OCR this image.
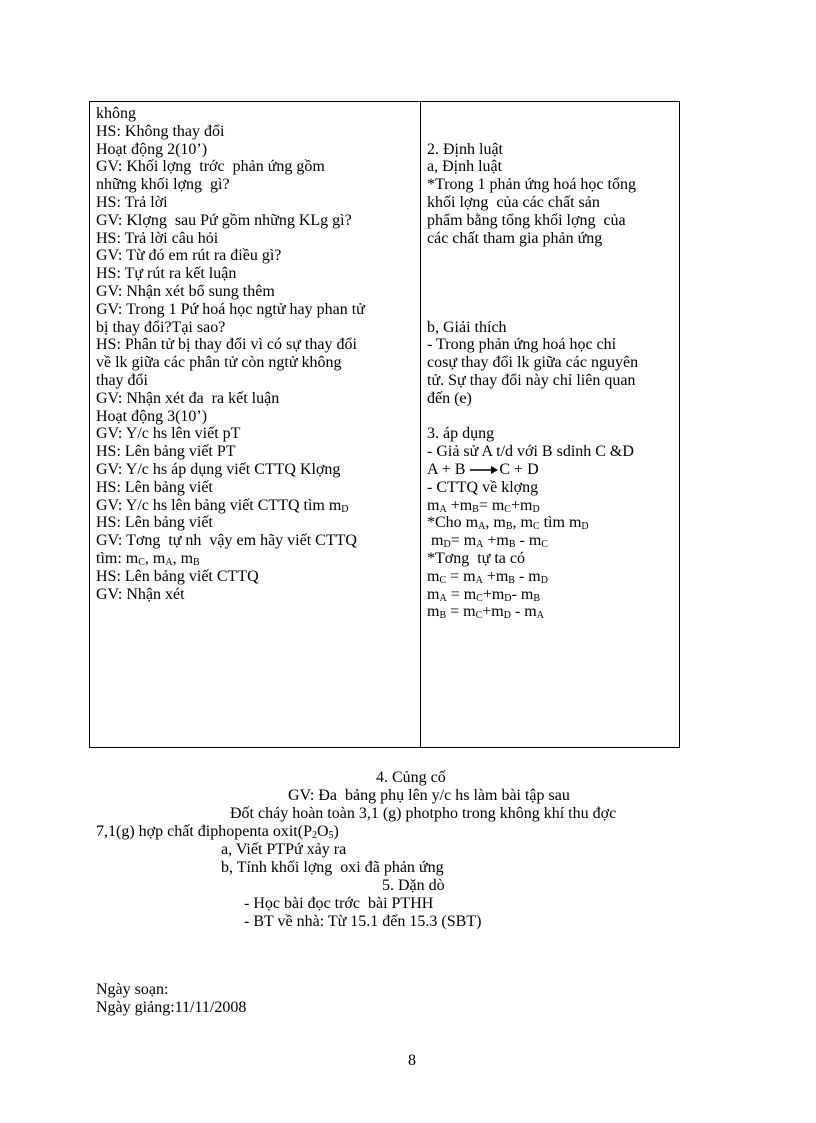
không
HS: Không thay đổi
Hoạt động 2(10’)
GV: Khối lợng  trớc  phản ứng gồm
những khối lợng  gì?
HS: Trả lời
GV: Klợng  sau Pứ gồm những KLg gì?
HS: Trả lời câu hỏi
GV: Từ đó em rút ra điều gì?
HS: Tự rút ra kết luận
GV: Nhận xét bổ sung thêm
GV: Trong 1 Pứ hoá học ngtử hay phan tử
bị thay đổi?Tại sao?
HS: Phân tử bị thay đổi vì có sự thay đổi
về lk giữa các phân tử còn ngtử không
thay đổi
GV: Nhận xét đa  ra kết luận
Hoạt động 3(10’)
GV: Y/c hs lên viết pT
HS: Lên bảng viết PT
GV: Y/c hs áp dụng viết CTTQ Klợng
HS: Lên bảng viết
GV: Y/c hs lên bảng viết CTTQ tìm $m_D$
HS: Lên bảng viết
GV: Tơng  tự nh  vậy em hãy viết CTTQ
tìm: $m_C$, $m_A$, $m_B$
HS: Lên bảng viết CTTQ
GV: Nhận xét
2. Định luật
a, Định luật
*Trong 1 phản ứng hoá học tổng
khối lợng  của các chất sản
phẩm bằng tổng khối lợng  của
các chất tham gia phản ứng
b, Giải thích
- Trong phản ứng hoá học chỉ
cosự thay đổi lk giữa các nguyên
tử. Sự thay đổi này chỉ liên quan
đến (e)
3. áp dụng
- Giả sử A t/d với B sdinh C &D
A + B C + D
- CTTQ về klợng
$m_A +m_B= m_C+m_D$
*Cho $m_A$, $m_B$, $m_C$ tìm $m_D$
$m_D= m_A +m_B - m_C$
*Tơng  tự ta có
$m_C = m_A +m_B - m_D$
$m_A = m_C+m_D-$ $m_B$
$m_B = m_C+m_D - m_A$
4. Củng cố
GV: Đa  bảng phụ lên y/c hs làm bài tập sau
Đốt cháy hoàn toàn 3,1 (g) photpho trong không khí thu đợc
7,1(g) hợp chất điphopenta $oxit(P_2O_5)$
a, Viết PTPứ xảy ra
b, Tính khối lợng  oxi đã phản ứng
5. Dặn dò
- Học bài đọc trớc  bài PTHH
- BT về nhà: Từ 15.1 đến 15.3 (SBT)
Ngày soạn:
Ngày giảng:11/11/2008
8
